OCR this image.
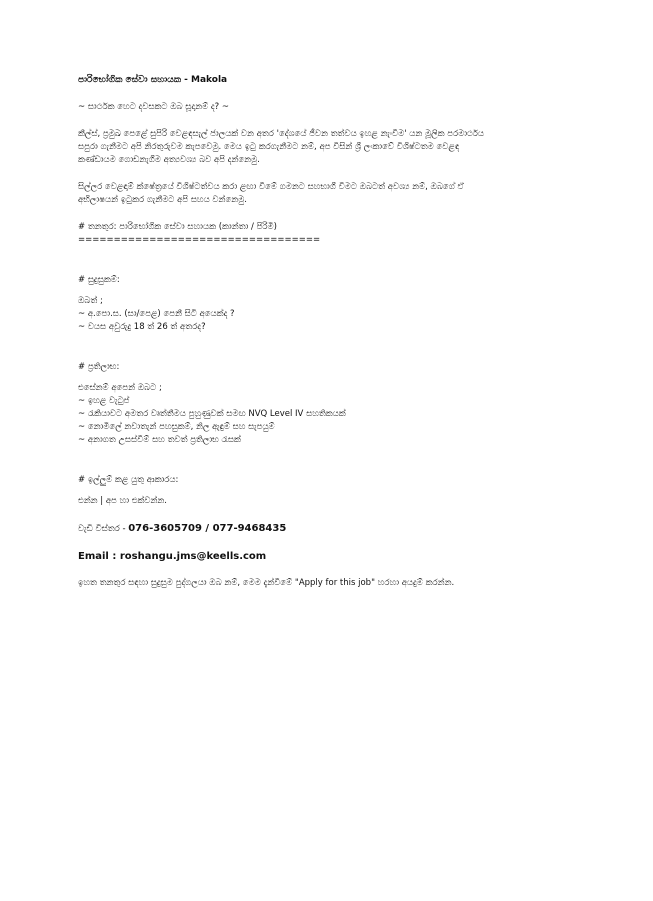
පාරිභෝගික සේවා සහායක - Makola

~ සාර්ථක හෙට දවසකට ඔබ සූදානම් ද? ~

කීල්ස්, ප්‍රමුඛ පෙළේ සුපිරි වෙළඳසැල් ජාලයක් වන අතර 'දේශයේ ජීවන තත්වය ඉහළ නැංවීම' යන මූලික පරමාර්ථය

සපුරා ගැනීමට අපි නිරතුරුවම කැපවෙමු. මෙය ඉටු කරගැනීමට නම්, අප විසින් ශ්‍රී ලංකාවේ විශිෂ්ටතම වෙළඳ

කණ්ඩායම ගොඩනැගීම අත්‍යවශ්‍ය බව අපි දන්නෙමු.

සිල්ලර වෙළඳාම් ක්ෂේත්‍රයේ විශිෂ්ටත්වය කරා ළඟා වීමේ ගමනට සහභාගී වීමට ඔබටත් අවශ්‍ය නම්, ඔබගේ ඒ

අභිලාෂයන් ඉටුකර ගැනීමට අපි සහය වන්නෙමු.

# තනතුර: පාරිභෝගික සේවා සහායක (කාන්තා / පිරිමි)

==================================

# සුදුසුකම්:

ඔබත් ;

~ අ.පො.ස. (සා/පෙළ) පෙනී සිටි අයෙක්ද ?

~ වයස අවුරුදු 18 ත් 26 ත් අතරද?

# ප්‍රතිලාභ:

එසේනම් අපෙන් ඔබට ;

~ ඉහළ වැටුප්

~ රැකියාවට අමතර වෘත්තීමය පුහුණුවක් සමඟ NVQ Level IV සහතිකයක්

~ නොමිලේ නවාතැන් පහසුකම්, නිල ඇඳුම් සහ සැපයුම්

~ අනාගත උසස්වීම් සහ තවත් ප්‍රතිලාභ රැසක්

# ඉල්ලුම් කළ යුතු ආකාරය:

එන්න | අප හා එක්වන්න.

වැඩි විස්තර - 076-3605709 / 077-9468435

Email : roshangu.jms@keells.com

ඉහත තනතුර සඳහා සුදුසුම පුද්ගලයා ඔබ නම්, මෙම දැන්වීමේ "Apply for this job" හරහා අයදුම් කරන්න.
